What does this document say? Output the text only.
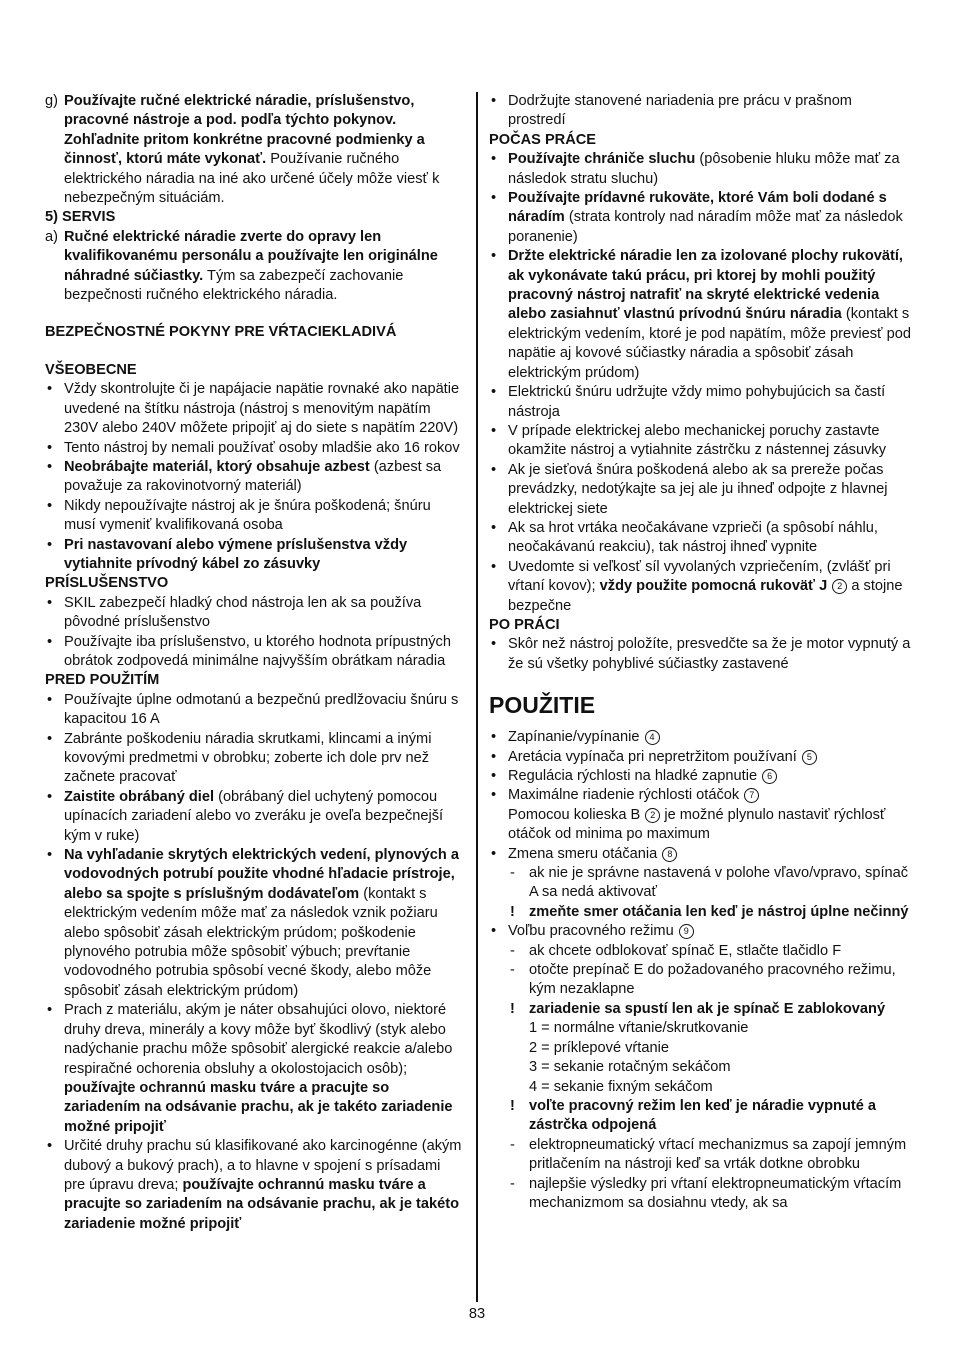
g) Používajte ručné elektrické náradie, príslušenstvo, pracovné nástroje a pod. podľa týchto pokynov. Zohľadnite pritom konkrétne pracovné podmienky a činnosť, ktorú máte vykonať. Používanie ručného elektrického náradia na iné ako určené účely môže viesť k nebezpečným situáciám.

5) SERVIS

a) Ručné elektrické náradie zverte do opravy len kvalifikovanému personálu a používajte len originálne náhradné súčiastky. Tým sa zabezpečí zachovanie bezpečnosti ručného elektrického náradia.

BEZPEČNOSTNÉ POKYNY PRE VŔTACIEKLADIVÁ

VŠEOBECNE

• Vždy skontrolujte či je napájacie napätie rovnaké ako napätie uvedené na štítku nástroja (nástroj s menovitým napätím 230V alebo 240V môžete pripojiť aj do siete s napätím 220V)

• Tento nástroj by nemali používať osoby mladšie ako 16 rokov

• Neobrábajte materiál, ktorý obsahuje azbest (azbest sa považuje za rakovinotvorný materiál)

• Nikdy nepoužívajte nástroj ak je šnúra poškodená; šnúru musí vymeniť kvalifikovaná osoba

• Pri nastavovaní alebo výmene príslušenstva vždy vytiahnite prívodný kábel zo zásuvky

PRÍSLUŠENSTVO

• SKIL zabezpečí hladký chod nástroja len ak sa používa pôvodné príslušenstvo

• Používajte iba príslušenstvo, u ktorého hodnota prípustných obrátok zodpovedá minimálne najvyšším obrátkam náradia

PRED POUŽITÍM

• Používajte úplne odmotanú a bezpečnú predlžovaciu šnúru s kapacitou 16 A

• Zabránte poškodeniu náradia skrutkami, klincami a inými kovovými predmetmi v obrobku; zoberte ich dole prv než začnete pracovať

• Zaistite obrábaný diel (obrábaný diel uchytený pomocou upínacích zariadení alebo vo zveráku je oveľa bezpečnejší kým v ruke)

• Na vyhľadanie skrytých elektrických vedení, plynových a vodovodných potrubí použite vhodné hľadacie prístroje, alebo sa spojte s príslušným dodávateľom (kontakt s elektrickým vedením môže mať za následok vznik požiaru alebo spôsobiť zásah elektrickým prúdom; poškodenie plynového potrubia môže spôsobiť výbuch; prevŕtanie vodovodného potrubia spôsobí vecné škody, alebo môže spôsobiť zásah elektrickým prúdom)

• Prach z materiálu, akým je náter obsahujúci olovo, niektoré druhy dreva, minerály a kovy môže byť škodlivý (styk alebo nadýchanie prachu môže spôsobiť alergické reakcie a/alebo respiračné ochorenia obsluhy a okolostojacich osôb); používajte ochrannú masku tváre a pracujte so zariadením na odsávanie prachu, ak je takéto zariadenie možné pripojiť

• Určité druhy prachu sú klasifikované ako karcinogénne (akým dubový a bukový prach), a to hlavne v spojení s prísadami pre úpravu dreva; používajte ochrannú masku tváre a pracujte so zariadením na odsávanie prachu, ak je takéto zariadenie možné pripojiť

• Dodržujte stanovené nariadenia pre prácu v prašnom prostredí

POČAS PRÁCE

• Používajte chrániče sluchu (pôsobenie hluku môže mať za následok stratu sluchu)

• Používajte prídavné rukoväte, ktoré Vám boli dodané s náradím (strata kontroly nad náradím môže mať za následok poranenie)

• Držte elektrické náradie len za izolované plochy rukovätí, ak vykonávate takú prácu, pri ktorej by mohli použitý pracovný nástroj natrafiť na skryté elektrické vedenia alebo zasiahnuť vlastnú prívodnú šnúru náradia (kontakt s elektrickým vedením, ktoré je pod napätím, môže previesť pod napätie aj kovové súčiastky náradia a spôsobiť zásah elektrickým prúdom)

• Elektrickú šnúru udržujte vždy mimo pohybujúcich sa častí nástroja

• V prípade elektrickej alebo mechanickej poruchy zastavte okamžite nástroj a vytiahnite zástrčku z nástennej zásuvky

• Ak je sieťová šnúra poškodená alebo ak sa prereže počas prevádzky, nedotýkajte sa jej ale ju ihneď odpojte z hlavnej elektrickej siete

• Ak sa hrot vrtáka neočakávane vzprieči (a spôsobí náhlu, neočakávanú reakciu), tak nástroj ihneď vypnite

• Uvedomte si veľkosť síl vyvolaných vzpriečením, (zvlášť pri vŕtaní kovov); vždy použite pomocná rukoväť J 2 a stojne bezpečne

PO PRÁCI

• Skôr než nástroj položíte, presvedčte sa že je motor vypnutý a že sú všetky pohyblivé súčiastky zastavené

POUŽITIE

• Zapínanie/vypínanie 4

• Aretácia vypínača pri nepretržitom používaní 5

• Regulácia rýchlosti na hladké zapnutie 6

• Maximálne riadenie rýchlosti otáčok 7
Pomocou kolieska B 2 je možné plynulo nastaviť rýchlosť otáčok od minima po maximum

• Zmena smeru otáčania 8

- ak nie je správne nastavená v polohe vľavo/vpravo, spínač A sa nedá aktivovať

! zmeňte smer otáčania len keď je nástroj úplne nečinný

• Voľbu pracovného režimu 9

- ak chcete odblokovať spínač E, stlačte tlačidlo F

- otočte prepínač E do požadovaného pracovného režimu, kým nezaklapne

! zariadenie sa spustí len ak je spínač E zablokovaný

1 = normálne vŕtanie/skrutkovanie

2 = príklepové vŕtanie

3 = sekanie rotačným sekáčom

4 = sekanie fixným sekáčom

! voľte pracovný režim len keď je náradie vypnuté a zástrčka odpojená

- elektropneumatický vŕtací mechanizmus sa zapojí jemným pritlačením na nástroji keď sa vrták dotkne obrobku

- najlepšie výsledky pri vŕtaní elektropneumatickým vŕtacím mechanizmom sa dosiahnu vtedy, ak sa

83
